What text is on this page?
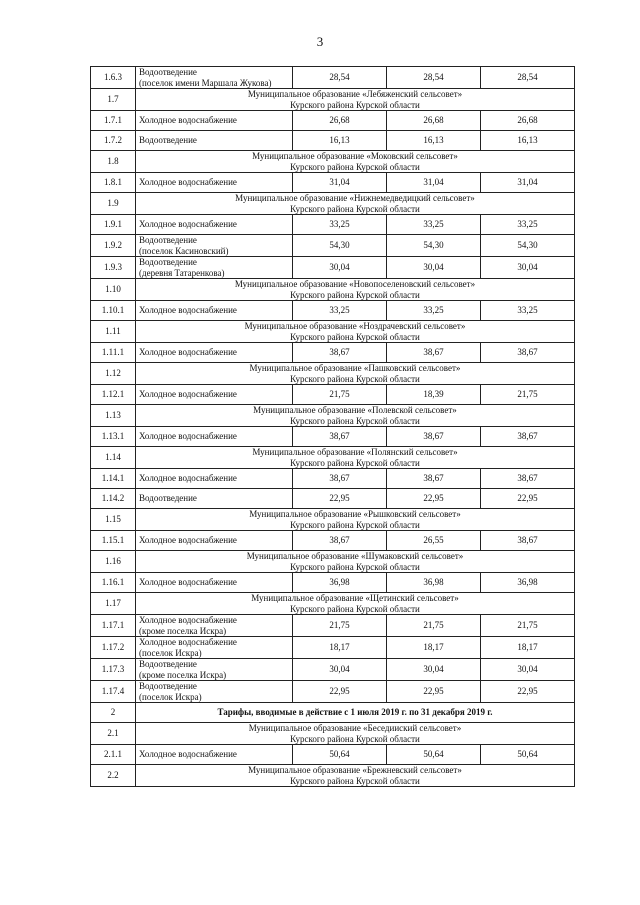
3
1.6.3	Водоотведение
(поселок имени Маршала Жукова)	28,54	28,54	28,54
1.7	Муниципальное образование «Лебяженский сельсовет»
Курского района Курской области			

1.7.1	Холодное водоснабжение	26,68	26,68	26,68
1.7.2	Водоотведение	16,13	16,13	16,13
1.8	Муниципальное образование «Моковский сельсовет»
Курского района Курской области			

1.8.1	Холодное водоснабжение	31,04	31,04	31,04
1.9	Муниципальное образование «Нижнемедведицкий сельсовет»
Курского района Курской области			

1.9.1	Холодное водоснабжение	33,25	33,25	33,25
1.9.2	Водоотведение
(поселок Касиновский)	54,30	54,30	54,30
1.9.3	Водоотведение
(деревня Татаренкова)	30,04	30,04	30,04
1.10	Муниципальное образование «Новопоселеновский сельсовет»
Курского района Курской области			

1.10.1	Холодное водоснабжение	33,25	33,25	33,25
1.11	Муниципальное образование «Ноздрачевский сельсовет»
Курского района Курской области			

1.11.1	Холодное водоснабжение	38,67	38,67	38,67
1.12	Муниципальное образование «Пашковский сельсовет»
Курского района Курской области			

1.12.1	Холодное водоснабжение	21,75	18,39	21,75
1.13	Муниципальное образование «Полевской сельсовет»
Курского района Курской области			

1.13.1	Холодное водоснабжение	38,67	38,67	38,67
1.14	Муниципальное образование «Полянский сельсовет»
Курского района Курской области			

1.14.1	Холодное водоснабжение	38,67	38,67	38,67
1.14.2	Водоотведение	22,95	22,95	22,95
1.15	Муниципальное образование «Рышковский сельсовет»
Курского района Курской области			

1.15.1	Холодное водоснабжение	38,67	26,55	38,67
1.16	Муниципальное образование «Шумаковский сельсовет»
Курского района Курской области			

1.16.1	Холодное водоснабжение	36,98	36,98	36,98
1.17	Муниципальное образование «Щетинский сельсовет»
Курского района Курской области			

1.17.1	Холодное водоснабжение
(кроме поселка Искра)	21,75	21,75	21,75
1.17.2	Холодное водоснабжение
(поселок Искра)	18,17	18,17	18,17
1.17.3	Водоотведение
(кроме поселка Искра)	30,04	30,04	30,04
1.17.4	Водоотведение
(поселок Искра)	22,95	22,95	22,95
2	Тарифы, вводимые в действие с 1 июля 2019 г. по 31 декабря 2019 г.			

2.1	Муниципальное образование «Беседииский сельсовет»
Курского района Курской области			

2.1.1	Холодное водоснабжение	50,64	50,64	50,64
2.2	Муниципальное образование «Брежневский сельсовет»
Курского района Курской области			
